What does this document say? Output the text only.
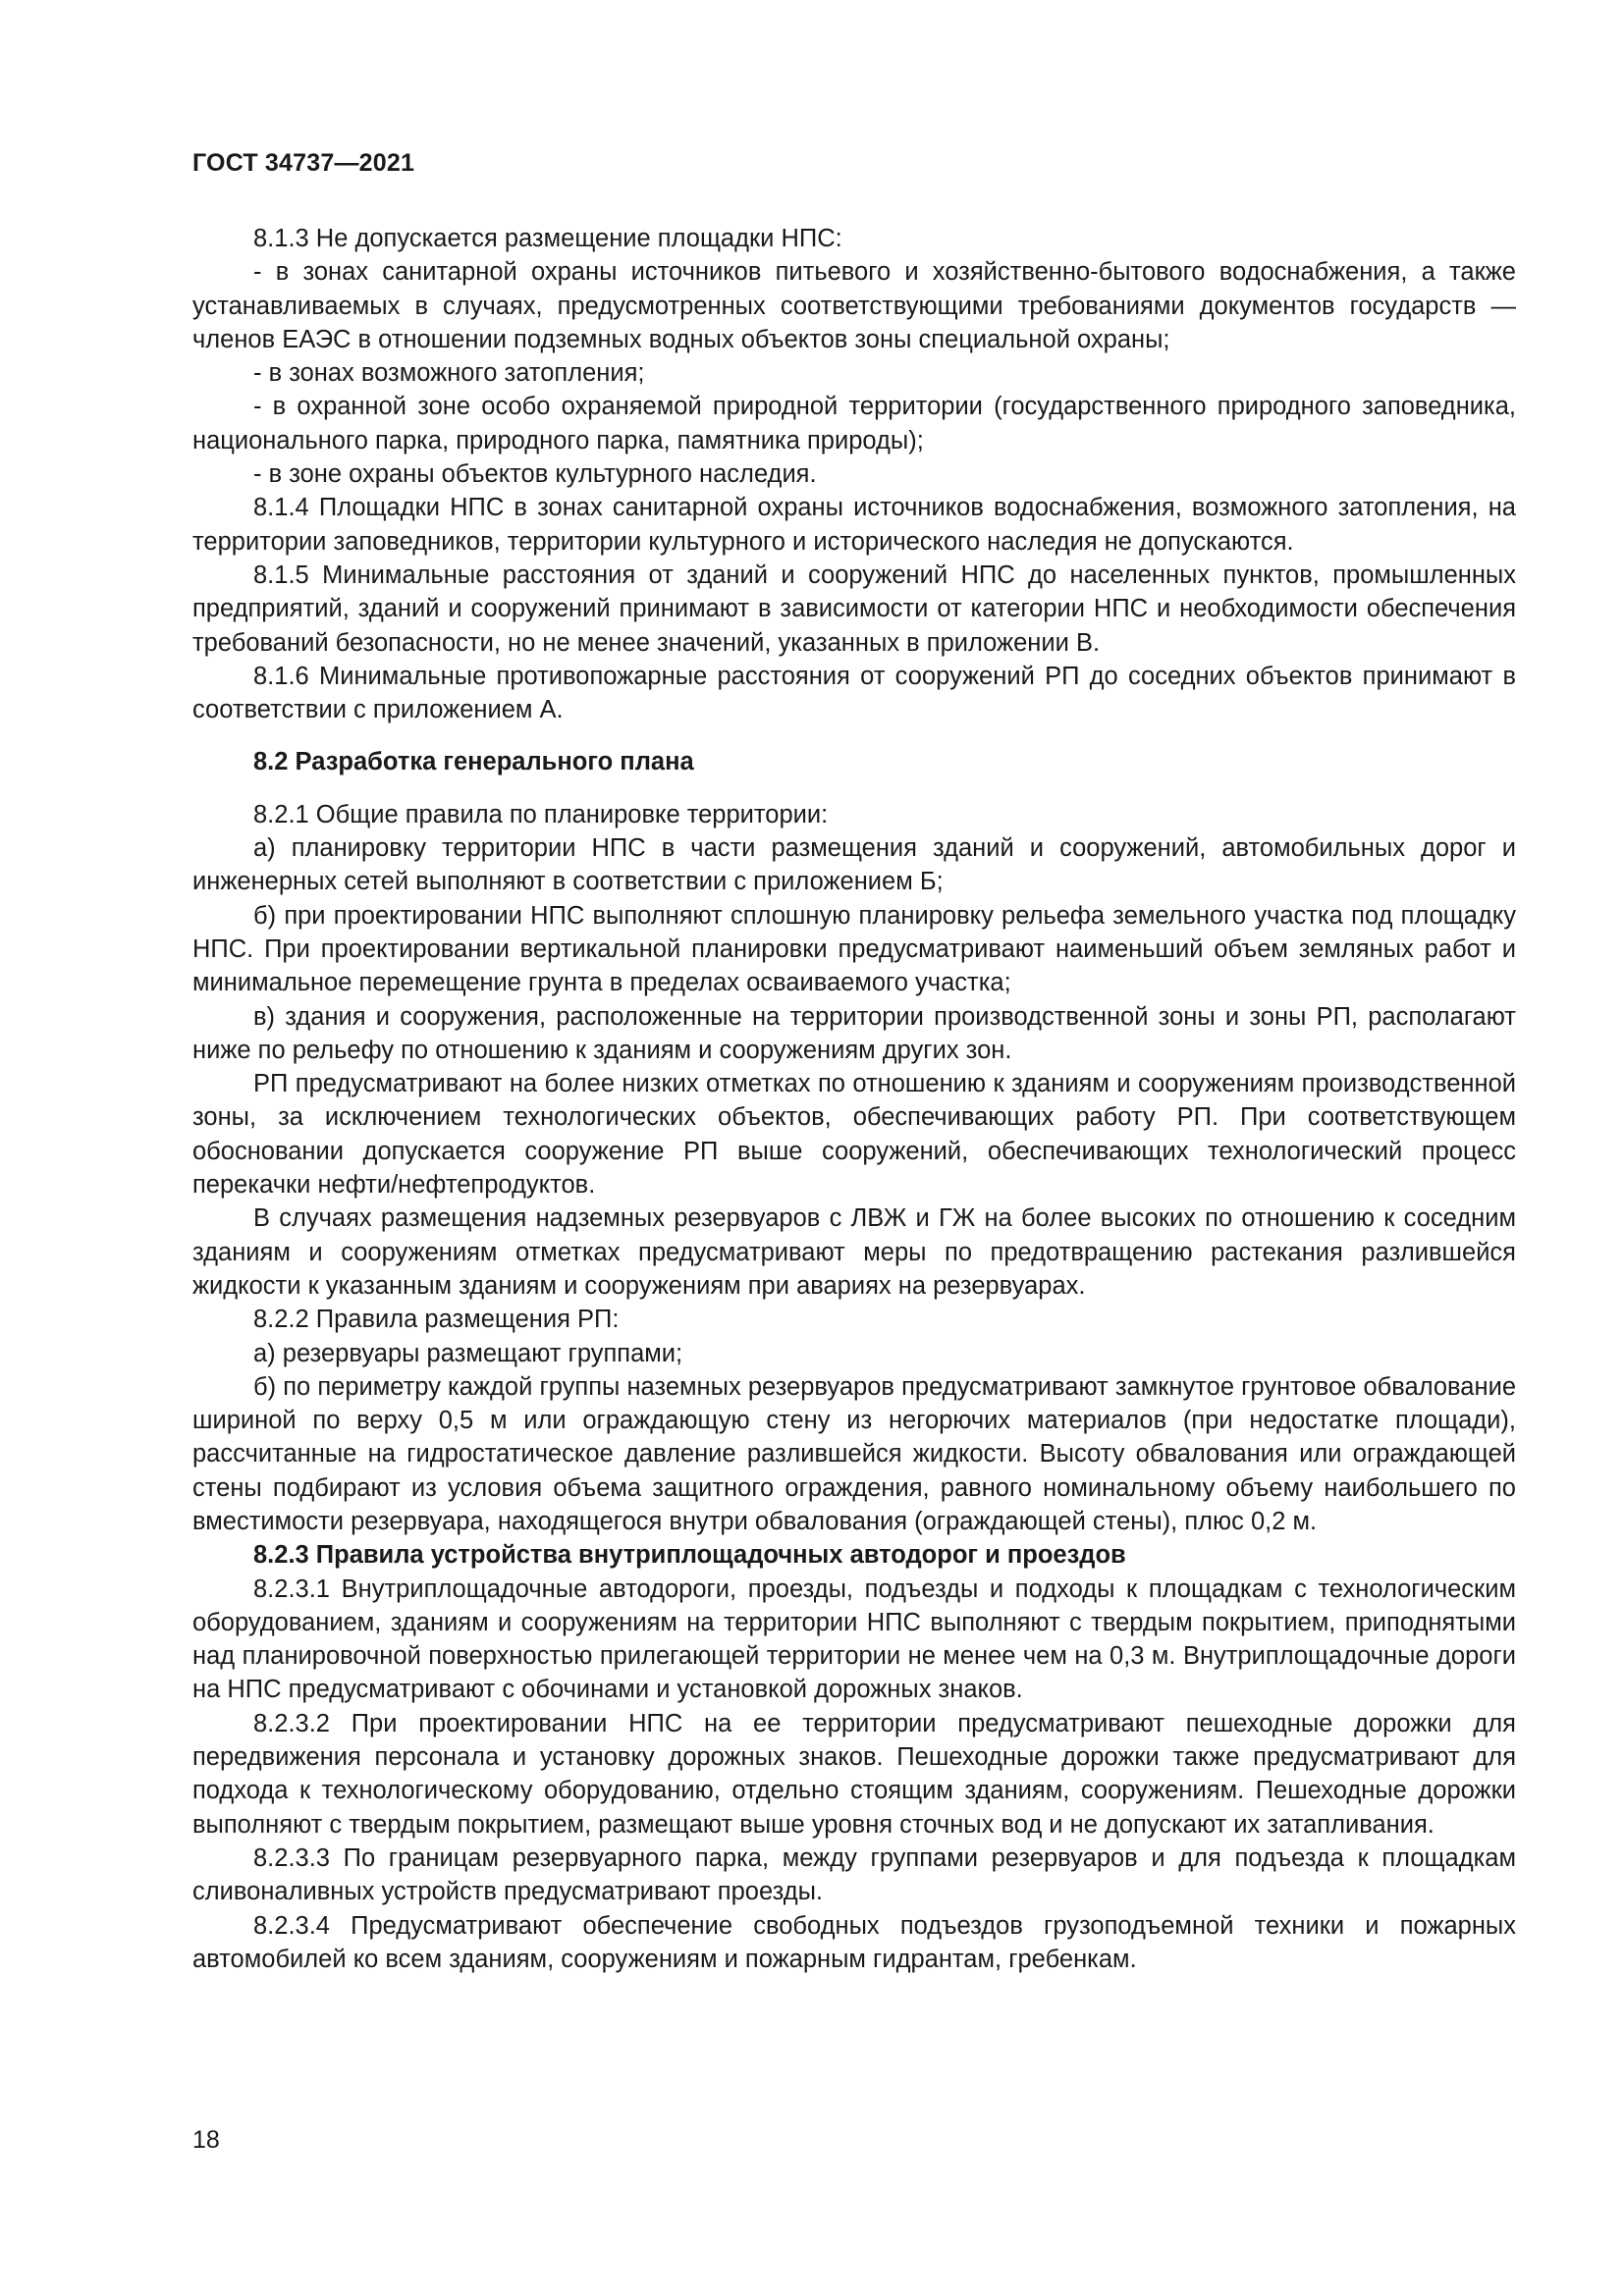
ГОСТ 34737—2021

8.1.3 Не допускается размещение площадки НПС:

- в зонах санитарной охраны источников питьевого и хозяйственно-бытового водоснабжения, а также устанавливаемых в случаях, предусмотренных соответствующими требованиями документов государств — членов ЕАЭС в отношении подземных водных объектов зоны специальной охраны;

- в зонах возможного затопления;

- в охранной зоне особо охраняемой природной территории (государственного природного заповедника, национального парка, природного парка, памятника природы);

- в зоне охраны объектов культурного наследия.

8.1.4 Площадки НПС в зонах санитарной охраны источников водоснабжения, возможного затопления, на территории заповедников, территории культурного и исторического наследия не допускаются.

8.1.5 Минимальные расстояния от зданий и сооружений НПС до населенных пунктов, промышленных предприятий, зданий и сооружений принимают в зависимости от категории НПС и необходимости обеспечения требований безопасности, но не менее значений, указанных в приложении В.

8.1.6 Минимальные противопожарные расстояния от сооружений РП до соседних объектов принимают в соответствии с приложением А.

8.2 Разработка генерального плана

8.2.1 Общие правила по планировке территории:

а) планировку территории НПС в части размещения зданий и сооружений, автомобильных дорог и инженерных сетей выполняют в соответствии с приложением Б;

б) при проектировании НПС выполняют сплошную планировку рельефа земельного участка под площадку НПС. При проектировании вертикальной планировки предусматривают наименьший объем земляных работ и минимальное перемещение грунта в пределах осваиваемого участка;

в) здания и сооружения, расположенные на территории производственной зоны и зоны РП, располагают ниже по рельефу по отношению к зданиям и сооружениям других зон.

РП предусматривают на более низких отметках по отношению к зданиям и сооружениям производственной зоны, за исключением технологических объектов, обеспечивающих работу РП. При соответствующем обосновании допускается сооружение РП выше сооружений, обеспечивающих технологический процесс перекачки нефти/нефтепродуктов.

В случаях размещения надземных резервуаров с ЛВЖ и ГЖ на более высоких по отношению к соседним зданиям и сооружениям отметках предусматривают меры по предотвращению растекания разлившейся жидкости к указанным зданиям и сооружениям при авариях на резервуарах.

8.2.2 Правила размещения РП:

а) резервуары размещают группами;

б) по периметру каждой группы наземных резервуаров предусматривают замкнутое грунтовое обвалование шириной по верху 0,5 м или ограждающую стену из негорючих материалов (при недостатке площади), рассчитанные на гидростатическое давление разлившейся жидкости. Высоту обвалования или ограждающей стены подбирают из условия объема защитного ограждения, равного номинальному объему наибольшего по вместимости резервуара, находящегося внутри обвалования (ограждающей стены), плюс 0,2 м.

8.2.3 Правила устройства внутриплощадочных автодорог и проездов

8.2.3.1 Внутриплощадочные автодороги, проезды, подъезды и подходы к площадкам с технологическим оборудованием, зданиям и сооружениям на территории НПС выполняют с твердым покрытием, приподнятыми над планировочной поверхностью прилегающей территории не менее чем на 0,3 м. Внутриплощадочные дороги на НПС предусматривают с обочинами и установкой дорожных знаков.

8.2.3.2 При проектировании НПС на ее территории предусматривают пешеходные дорожки для передвижения персонала и установку дорожных знаков. Пешеходные дорожки также предусматривают для подхода к технологическому оборудованию, отдельно стоящим зданиям, сооружениям. Пешеходные дорожки выполняют с твердым покрытием, размещают выше уровня сточных вод и не допускают их затапливания.

8.2.3.3 По границам резервуарного парка, между группами резервуаров и для подъезда к площадкам сливоналивных устройств предусматривают проезды.

8.2.3.4 Предусматривают обеспечение свободных подъездов грузоподъемной техники и пожарных автомобилей ко всем зданиям, сооружениям и пожарным гидрантам, гребенкам.

18
